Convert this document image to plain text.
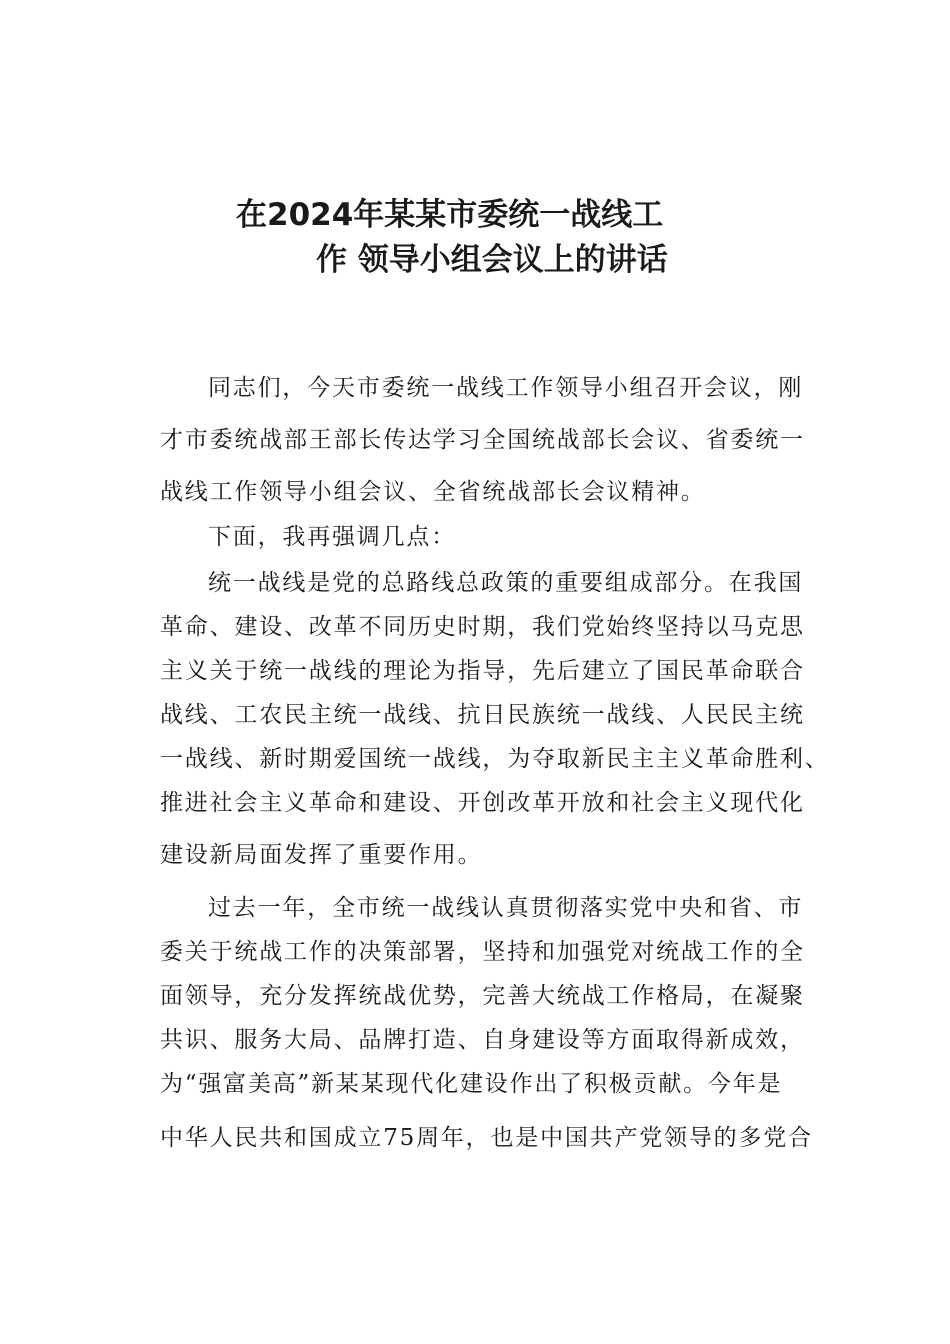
在2024年某某市委统一战线工
作 领导小组会议上的讲话

同志们，今天市委统一战线工作领导小组召开会议，刚

才市委统战部王部长传达学习全国统战部长会议、省委统一

战线工作领导小组会议、全省统战部长会议精神。

下面，我再强调几点：

统一战线是党的总路线总政策的重要组成部分。在我国

革命、建设、改革不同历史时期，我们党始终坚持以马克思

主义关于统一战线的理论为指导，先后建立了国民革命联合

战线、工农民主统一战线、抗日民族统一战线、人民民主统

一战线、新时期爱国统一战线，为夺取新民主主义革命胜利、

推进社会主义革命和建设、开创改革开放和社会主义现代化

建设新局面发挥了重要作用。

过去一年，全市统一战线认真贯彻落实党中央和省、市

委关于统战工作的决策部署，坚持和加强党对统战工作的全

面领导，充分发挥统战优势，完善大统战工作格局，在凝聚

共识、服务大局、品牌打造、自身建设等方面取得新成效，

为“强富美高”新某某现代化建设作出了积极贡献。今年是

中华人民共和国成立75周年，也是中国共产党领导的多党合
